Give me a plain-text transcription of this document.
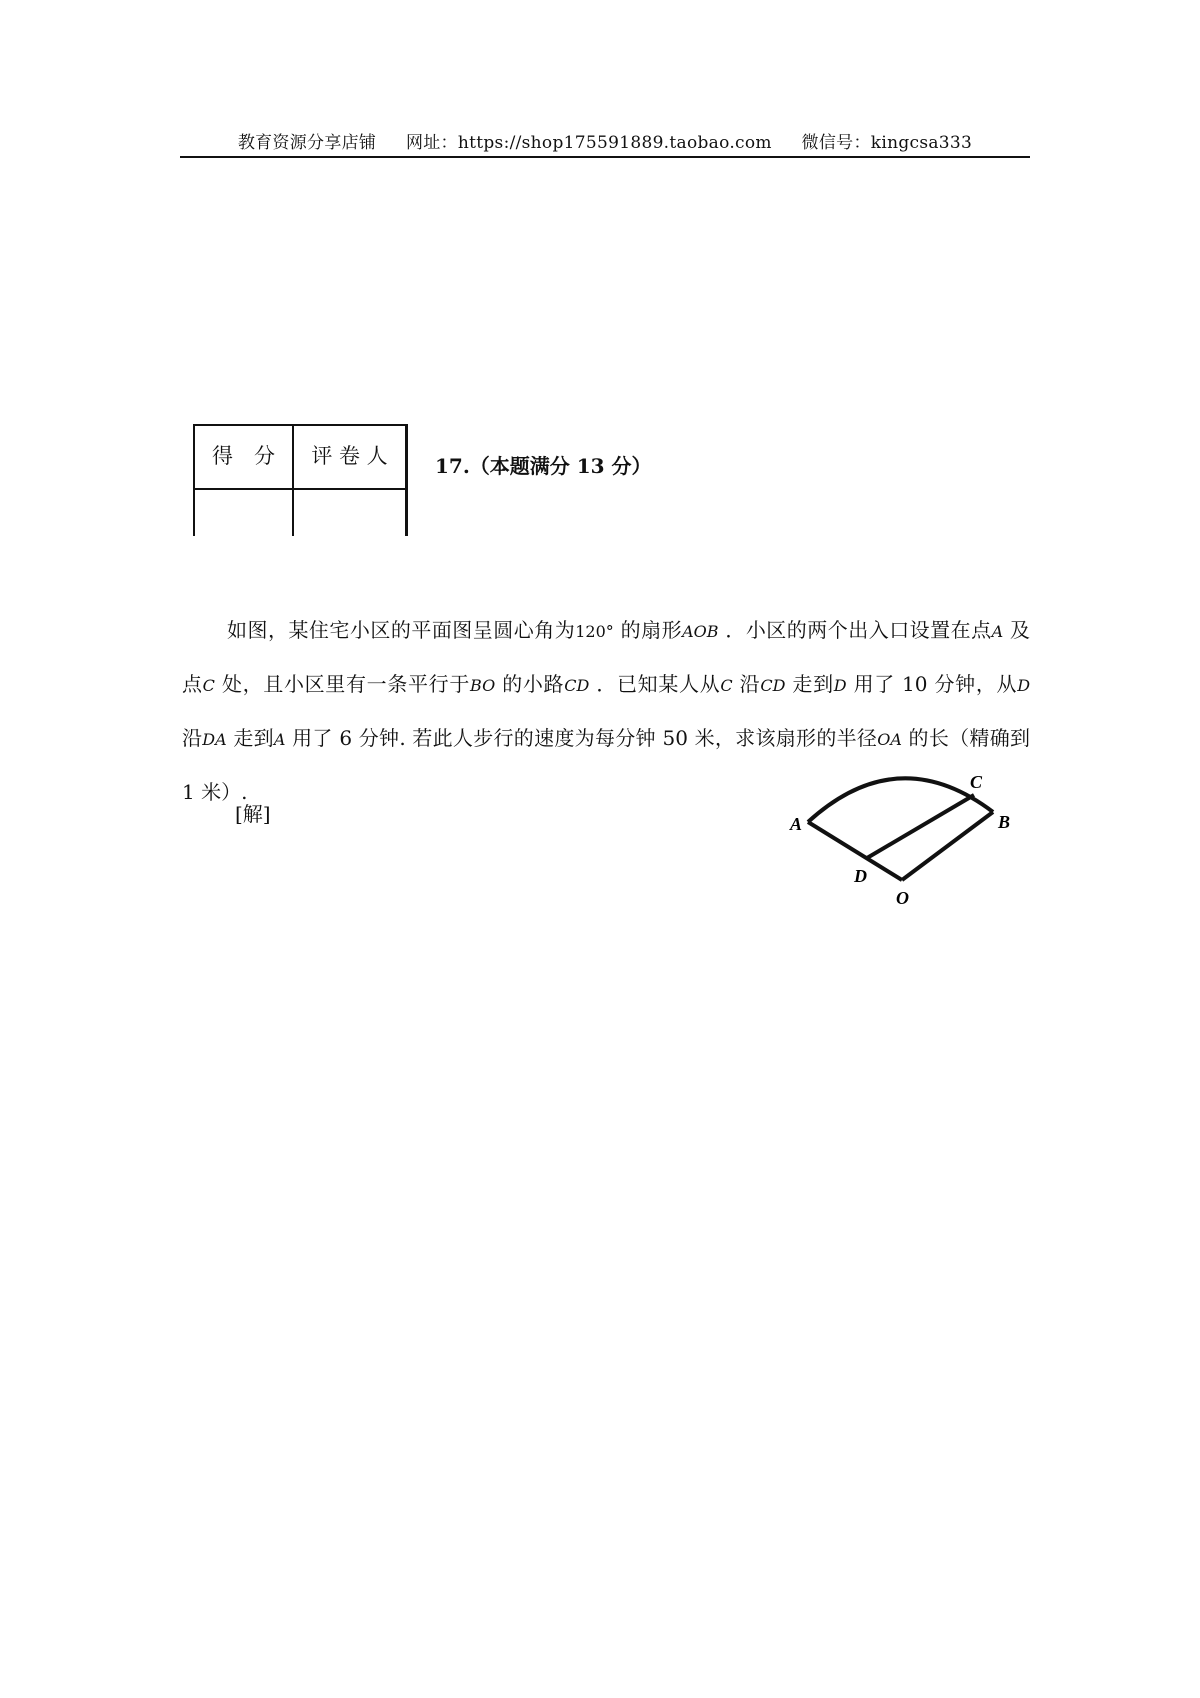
教育资源分享店铺 网址：https://shop175591889.taobao.com 微信号：kingcsa333
得　分	评 卷 人	17.（本题满分 13 分）

如图，某住宅小区的平面图呈圆心角为120° 的扇形AOB ．小区的两个出入口设置在点A 及点C 处，且小区里有一条平行于BO 的小路CD ．已知某人从C 沿CD 走到D 用了 10 分钟，从D 沿DA 走到A 用了 6 分钟. 若此人步行的速度为每分钟 50 米，求该扇形的半径OA 的长（精确到 1 米）.

[解]	A	B
C
D
O
